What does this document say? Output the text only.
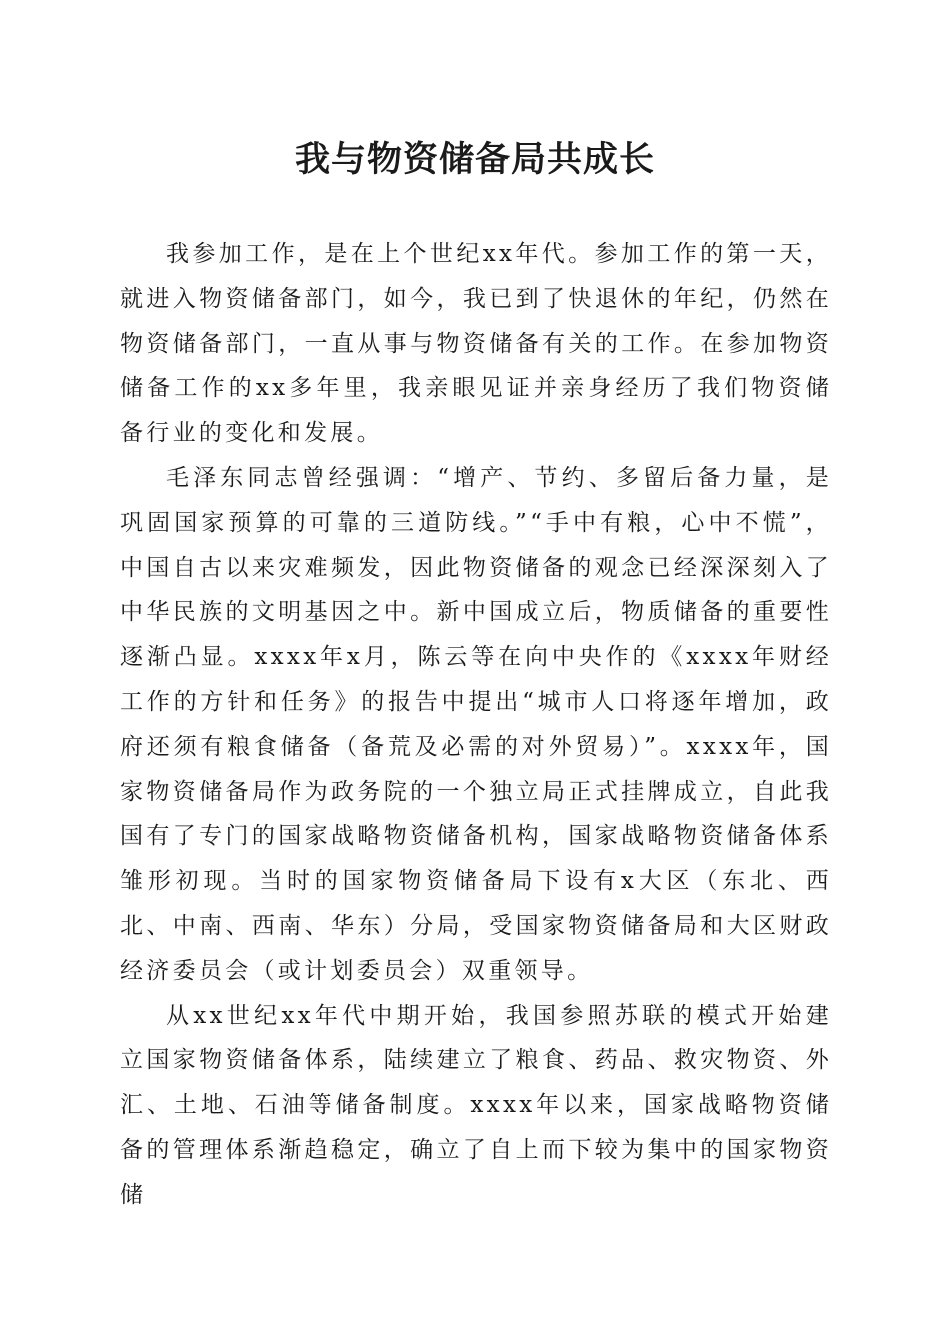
我与物资储备局共成长

我参加工作，是在上个世纪xx年代。参加工作的第一天，就进入物资储备部门，如今，我已到了快退休的年纪，仍然在物资储备部门，一直从事与物资储备有关的工作。在参加物资储备工作的xx多年里，我亲眼见证并亲身经历了我们物资储备行业的变化和发展。

毛泽东同志曾经强调：“增产、节约、多留后备力量，是巩固国家预算的可靠的三道防线。”“手中有粮，心中不慌”，中国自古以来灾难频发，因此物资储备的观念已经深深刻入了中华民族的文明基因之中。新中国成立后，物质储备的重要性逐渐凸显。xxxx年x月，陈云等在向中央作的《xxxx年财经工作的方针和任务》的报告中提出“城市人口将逐年增加，政府还须有粮食储备（备荒及必需的对外贸易）”。xxxx年，国家物资储备局作为政务院的一个独立局正式挂牌成立，自此我国有了专门的国家战略物资储备机构，国家战略物资储备体系雏形初现。当时的国家物资储备局下设有x大区（东北、西北、中南、西南、华东）分局，受国家物资储备局和大区财政经济委员会（或计划委员会）双重领导。

从xx世纪xx年代中期开始，我国参照苏联的模式开始建立国家物资储备体系，陆续建立了粮食、药品、救灾物资、外汇、土地、石油等储备制度。xxxx年以来，国家战略物资储备的管理体系渐趋稳定，确立了自上而下较为集中的国家物资储
